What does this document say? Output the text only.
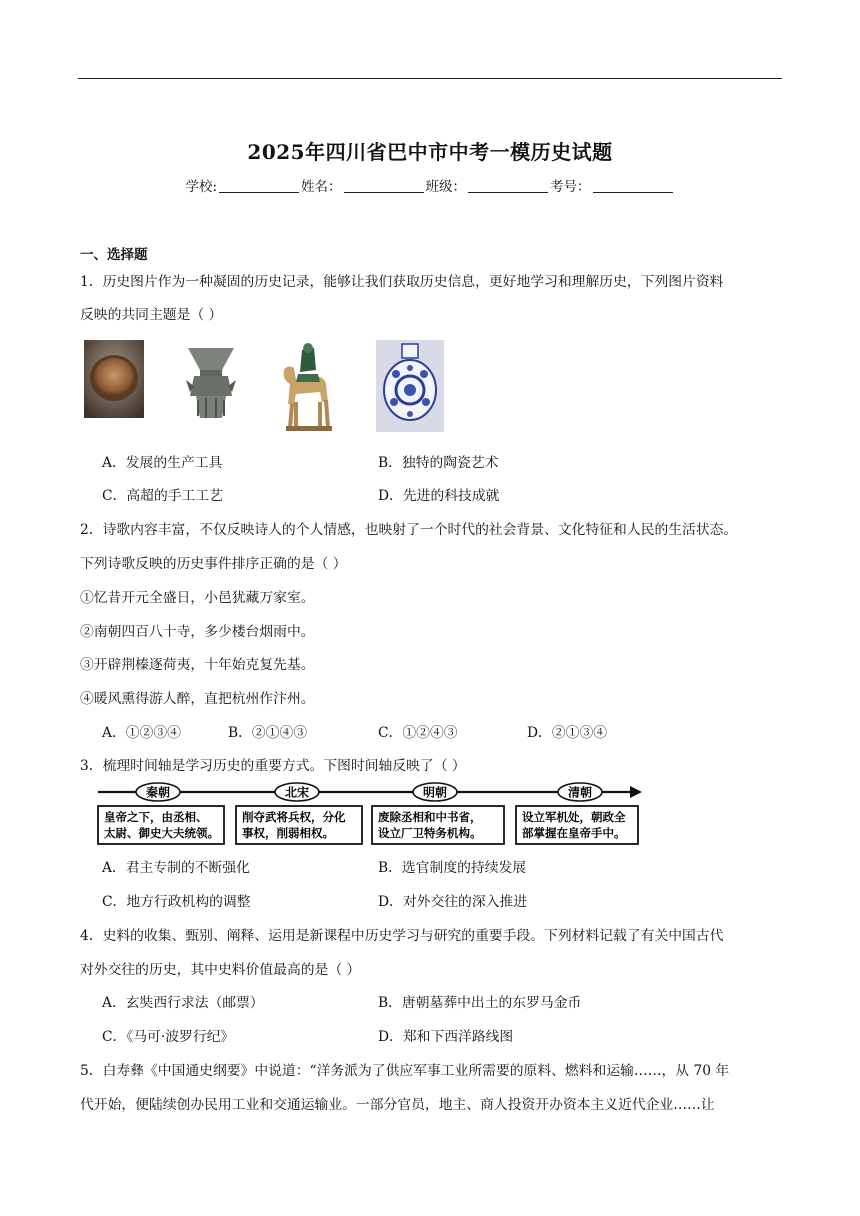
2025年四川省巴中市中考一模历史试题
学校:	姓名：	班级：	考号：
一、选择题
1．历史图片作为一种凝固的历史记录，能够让我们获取历史信息，更好地学习和理解历史，下列图片资料
反映的共同主题是（ ）
A．发展的生产工具	B．独特的陶瓷艺术
C．高超的手工工艺	D．先进的科技成就
2．诗歌内容丰富，不仅反映诗人的个人情感，也映射了一个时代的社会背景、文化特征和人民的生活状态。
下列诗歌反映的历史事件排序正确的是（ ）
①忆昔开元全盛日，小邑犹藏万家室。
②南朝四百八十寺，多少楼台烟雨中。
③开辟荆榛逐荷夷，十年始克复先基。
④暖风熏得游人醉，直把杭州作汴州。
A．①②③④	B．②①④③	C．①②④③	D．②①③④
3．梳理时间轴是学习历史的重要方式。下图时间轴反映了（ ）
秦朝
皇帝之下，由丞相、
太尉、御史大夫统领。
北宋
削夺武将兵权，分化
事权，削弱相权。
明朝
废除丞相和中书省，
设立厂卫特务机构。
清朝
设立军机处，朝政全
部掌握在皇帝手中。
A．君主专制的不断强化	B．选官制度的持续发展
C．地方行政机构的调整	D．对外交往的深入推进
4．史料的收集、甄别、阐释、运用是新课程中历史学习与研究的重要手段。下列材料记载了有关中国古代
对外交往的历史，其中史料价值最高的是（ ）
A．玄奘西行求法（邮票）	B．唐朝墓葬中出土的东罗马金币
C．《马可·波罗行纪》	D．郑和下西洋路线图
5．白寿彝《中国通史纲要》中说道：“洋务派为了供应军事工业所需要的原料、燃料和运输……，从 70 年
代开始，便陆续创办民用工业和交通运输业。一部分官员，地主、商人投资开办资本主义近代企业……让
